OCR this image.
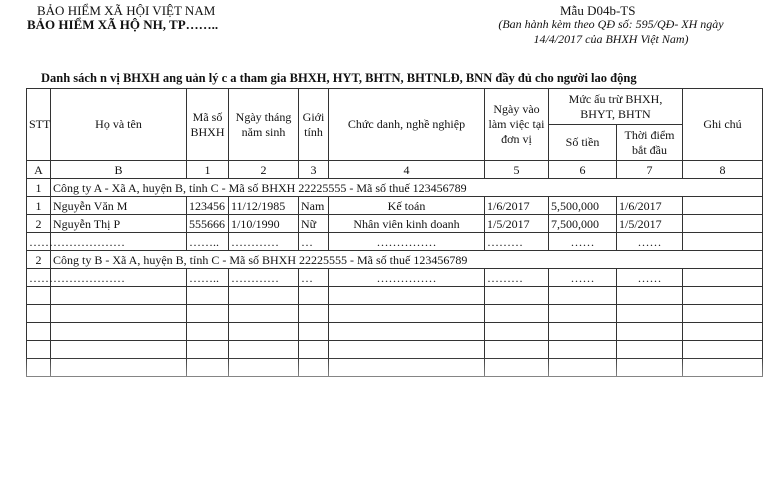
BẢO HIỂM XÃ HỘI VIỆT NAM
BẢO HIỂM XÃ HỘ NH, TP……..
Mẫu D04b-TS
(Ban hành kèm theo QĐ số: 595/QĐ- XH ngày
14/4/2017 của BHXH Việt Nam)
Danh sách n vị BHXH ang uản lý c a tham gia BHXH, HYT, BHTN, BHTNLĐ, BNN đầy đủ cho người lao động
STT	Họ và tên	Mã số BHXH	Ngày tháng năm sinh	Giới tính	Chức danh, nghề nghiệp	Ngày vào làm việc tại đơn vị	Mức ấu trừ BHXH, BHYT, BHTN		Ghi chú
							Số tiền	Thời điểm bắt đầu	
A	B	1	2	3	4	5	6	7	8
1	Công ty A - Xã A, huyện B, tỉnh C - Mã số BHXH 22225555 - Mã số thuế 123456789								
1	Nguyễn Văn M	123456	11/12/1985	Nam	Kế toán	1/6/2017	5,500,000	1/6/2017	
2	Nguyễn Thị P	555666	1/10/1990	Nữ	Nhân viên kinh doanh	1/5/2017	7,500,000	1/5/2017	
……	………………	……..	…………	…	……………	………	……	……	
2	Công ty B - Xã A, huyện B, tỉnh C - Mã số BHXH 22225555 - Mã số thuế 123456789								
……	………………	……..	…………	…	……………	………	……	……	
